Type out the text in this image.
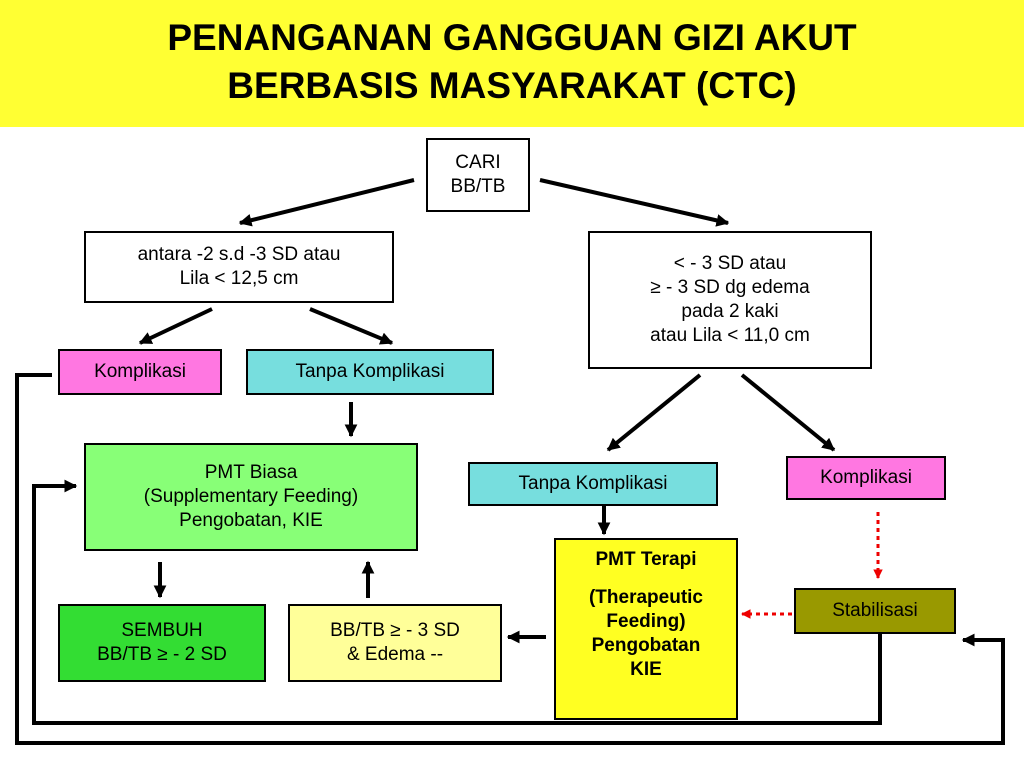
PENANGANAN GANGGUAN GIZI AKUT
BERBASIS MASYARAKAT (CTC)
CARI
BB/TB
antara -2 s.d -3 SD atau
Lila < 12,5 cm
< - 3 SD atau
≥ - 3 SD dg edema
pada 2 kaki
atau Lila < 11,0 cm
Komplikasi	Tanpa Komplikasi
PMT Biasa
(Supplementary Feeding)
Pengobatan, KIE
SEMBUH
BB/TB ≥ - 2 SD
BB/TB ≥ - 3 SD
& Edema --
Tanpa Komplikasi	Komplikasi
PMT Terapi
(Therapeutic
Feeding)
Pengobatan
KIE
Stabilisasi
